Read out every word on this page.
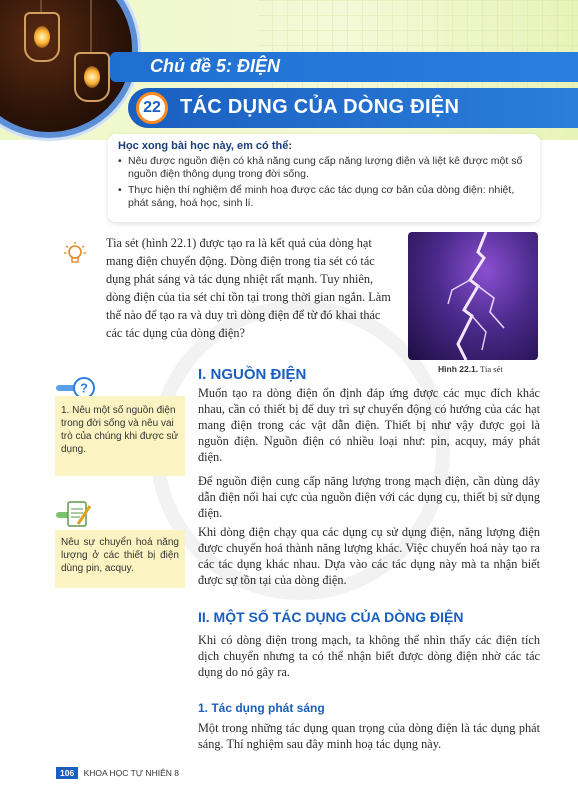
Chủ đề 5: ĐIỆN
22 TÁC DỤNG CỦA DÒNG ĐIỆN
Học xong bài học này, em có thể:
• Nêu được nguồn điện có khả năng cung cấp năng lượng điện và liệt kê được một số nguồn điện thông dụng trong đời sống.
• Thực hiện thí nghiệm để minh hoạ được các tác dụng cơ bản của dòng điện: nhiệt, phát sáng, hoá học, sinh lí.
Tia sét (hình 22.1) được tạo ra là kết quả của dòng hạt mang điện chuyển động. Dòng điện trong tia sét có tác dụng phát sáng và tác dụng nhiệt rất mạnh. Tuy nhiên, dòng điện của tia sét chỉ tồn tại trong thời gian ngắn. Làm thế nào để tạo ra và duy trì dòng điện để từ đó khai thác các tác dụng của dòng điện?
Hình 22.1. Tia sét
I. NGUỒN ĐIỆN
Muốn tạo ra dòng điện ổn định đáp ứng được các mục đích khác nhau, cần có thiết bị để duy trì sự chuyển động có hướng của các hạt mang điện trong các vật dẫn điện. Thiết bị như vậy được gọi là nguồn điện. Nguồn điện có nhiều loại như: pin, acquy, máy phát điện.
Để nguồn điện cung cấp năng lượng trong mạch điện, cần dùng dây dẫn điện nối hai cực của nguồn điện với các dụng cụ, thiết bị sử dụng điện.
Khi dòng điện chạy qua các dụng cụ sử dụng điện, năng lượng điện được chuyển hoá thành năng lượng khác. Việc chuyển hoá này tạo ra các tác dụng khác nhau. Dựa vào các tác dụng này mà ta nhận biết được sự tồn tại của dòng điện.
II. MỘT SỐ TÁC DỤNG CỦA DÒNG ĐIỆN
Khi có dòng điện trong mạch, ta không thể nhìn thấy các điện tích dịch chuyển nhưng ta có thể nhận biết được dòng điện nhờ các tác dụng do nó gây ra.
1. Tác dụng phát sáng
Một trong những tác dụng quan trọng của dòng điện là tác dụng phát sáng. Thí nghiệm sau đây minh hoạ tác dụng này.
?
1. Nêu một số nguồn điện trong đời sống và nêu vai trò của chúng khi được sử dụng.
Nêu sự chuyển hoá năng lượng ở các thiết bị điện dùng pin, acquy.
106 KHOA HỌC TỰ NHIÊN 8
